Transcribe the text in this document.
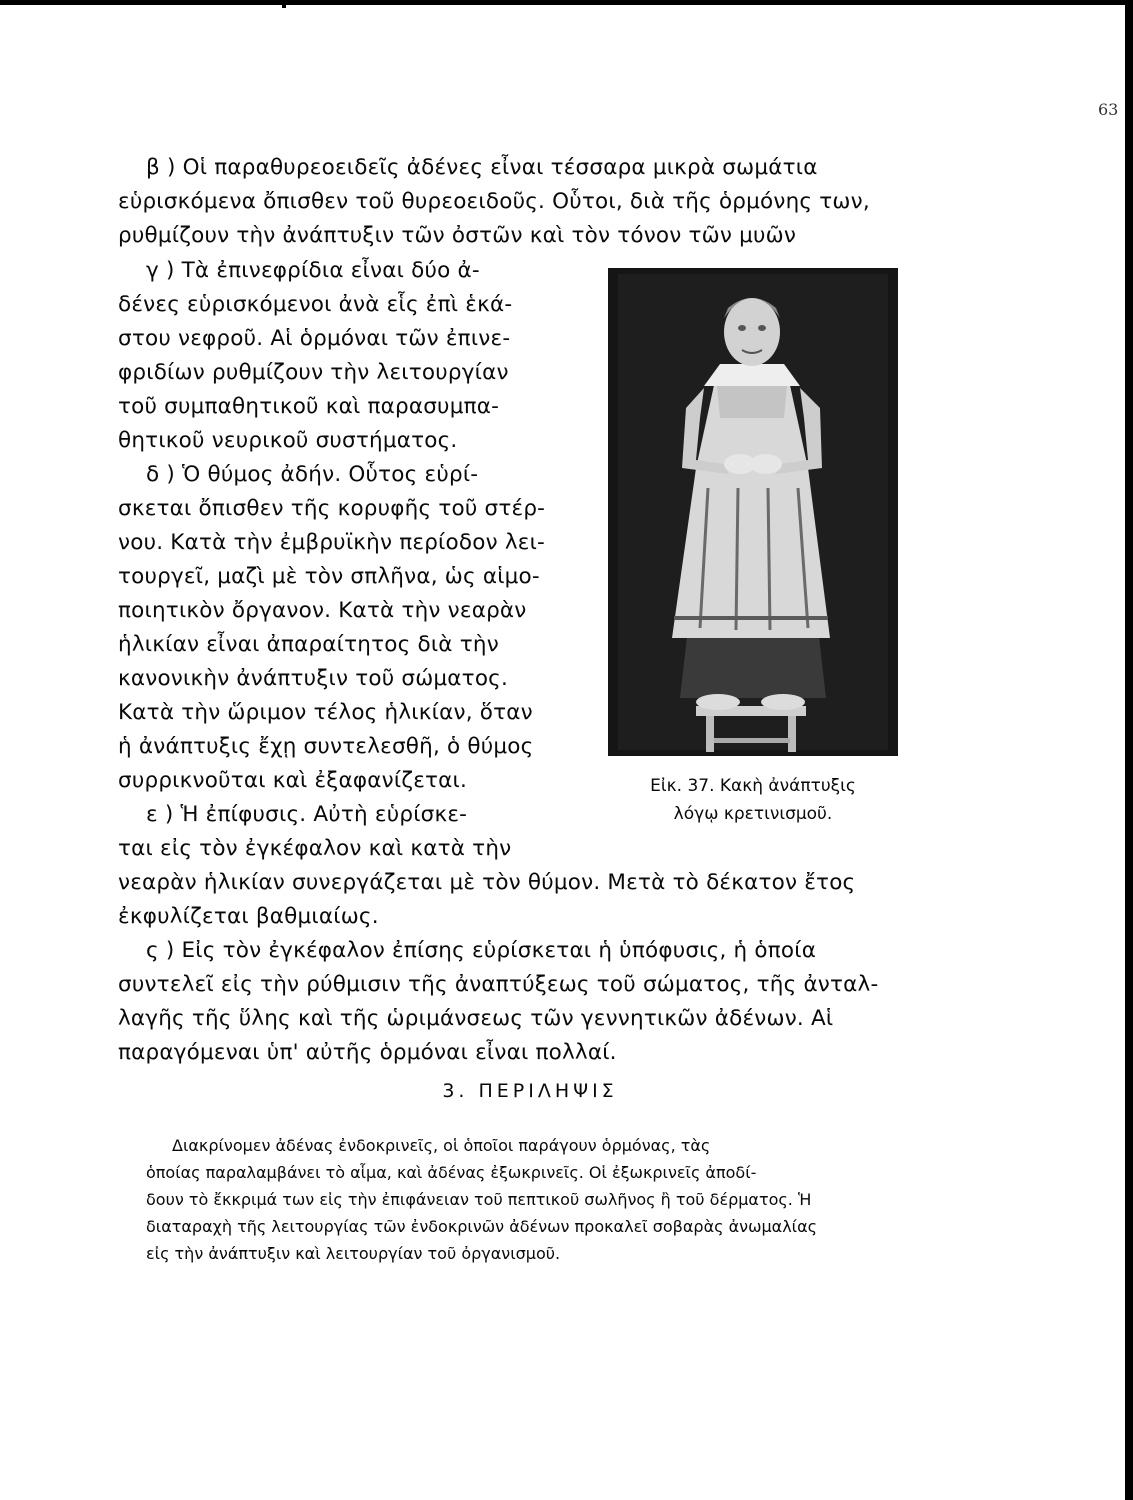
63
β ) Οἱ παραθυρεοειδεῖς ἀδένες εἶναι τέσσαρα μικρὰ σωμάτια
εὑρισκόμενα ὄπισθεν τοῦ θυρεοειδοῦς. Οὗτοι, διὰ τῆς ὁρμόνης των,
ρυθμίζουν τὴν ἀνάπτυξιν τῶν ὀστῶν καὶ τὸν τόνον τῶν μυῶν
γ ) Τὰ ἐπινεφρίδια εἶναι δύο ἀ-
δένες εὑρισκόμενοι ἀνὰ εἷς ἐπὶ ἑκά-
στου νεφροῦ. Αἱ ὁρμόναι τῶν ἐπινε-
φριδίων ρυθμίζουν τὴν λειτουργίαν
τοῦ συμπαθητικοῦ καὶ παρασυμπα-
θητικοῦ νευρικοῦ συστήματος.
δ ) Ὁ θύμος ἀδήν. Οὗτος εὑρί-
σκεται ὄπισθεν τῆς κορυφῆς τοῦ στέρ-
νου. Κατὰ τὴν ἐμβρυϊκὴν περίοδον λει-
τουργεῖ, μαζὶ μὲ τὸν σπλῆνα, ὡς αἱμο-
ποιητικὸν ὄργανον. Κατὰ τὴν νεαρὰν
ἡλικίαν εἶναι ἀπαραίτητος διὰ τὴν
κανονικὴν ἀνάπτυξιν τοῦ σώματος.
Κατὰ τὴν ὥριμον τέλος ἡλικίαν, ὅταν
ἡ ἀνάπτυξις ἔχῃ συντελεσθῆ, ὁ θύμος
συρρικνοῦται καὶ ἐξαφανίζεται.
ε ) Ἡ ἐπίφυσις. Αὐτὴ εὑρίσκε-
ται εἰς τὸν ἐγκέφαλον καὶ κατὰ τὴν
νεαρὰν ἡλικίαν συνεργάζεται μὲ τὸν θύμον. Μετὰ τὸ δέκατον ἔτος
ἐκφυλίζεται βαθμιαίως.
ς ) Εἰς τὸν ἐγκέφαλον ἐπίσης εὑρίσκεται ἡ ὑπόφυσις, ἡ ὁποία
συντελεῖ εἰς τὴν ρύθμισιν τῆς ἀναπτύξεως τοῦ σώματος, τῆς ἀνταλ-
λαγῆς τῆς ὕλης καὶ τῆς ὡριμάνσεως τῶν γεννητικῶν ἀδένων. Αἱ
παραγόμεναι ὑπ' αὐτῆς ὁρμόναι εἶναι πολλαί.
Εἰκ. 37. Κακὴ ἀνάπτυξις
λόγῳ κρετινισμοῦ.
3. ΠΕΡΙΛΗΨΙΣ
Διακρίνομεν ἀδένας ἐνδοκρινεῖς, οἱ ὁποῖοι παράγουν ὁρμόνας, τὰς
ὁποίας παραλαμβάνει τὸ αἷμα, καὶ ἀδένας ἐξωκρινεῖς. Οἱ ἐξωκρινεῖς ἀποδί-
δουν τὸ ἔκκριμά των εἰς τὴν ἐπιφάνειαν τοῦ πεπτικοῦ σωλῆνος ἢ τοῦ δέρματος. Ἡ
διαταραχὴ τῆς λειτουργίας τῶν ἐνδοκρινῶν ἀδένων προκαλεῖ σοβαρὰς ἀνωμαλίας
εἰς τὴν ἀνάπτυξιν καὶ λειτουργίαν τοῦ ὀργανισμοῦ.
